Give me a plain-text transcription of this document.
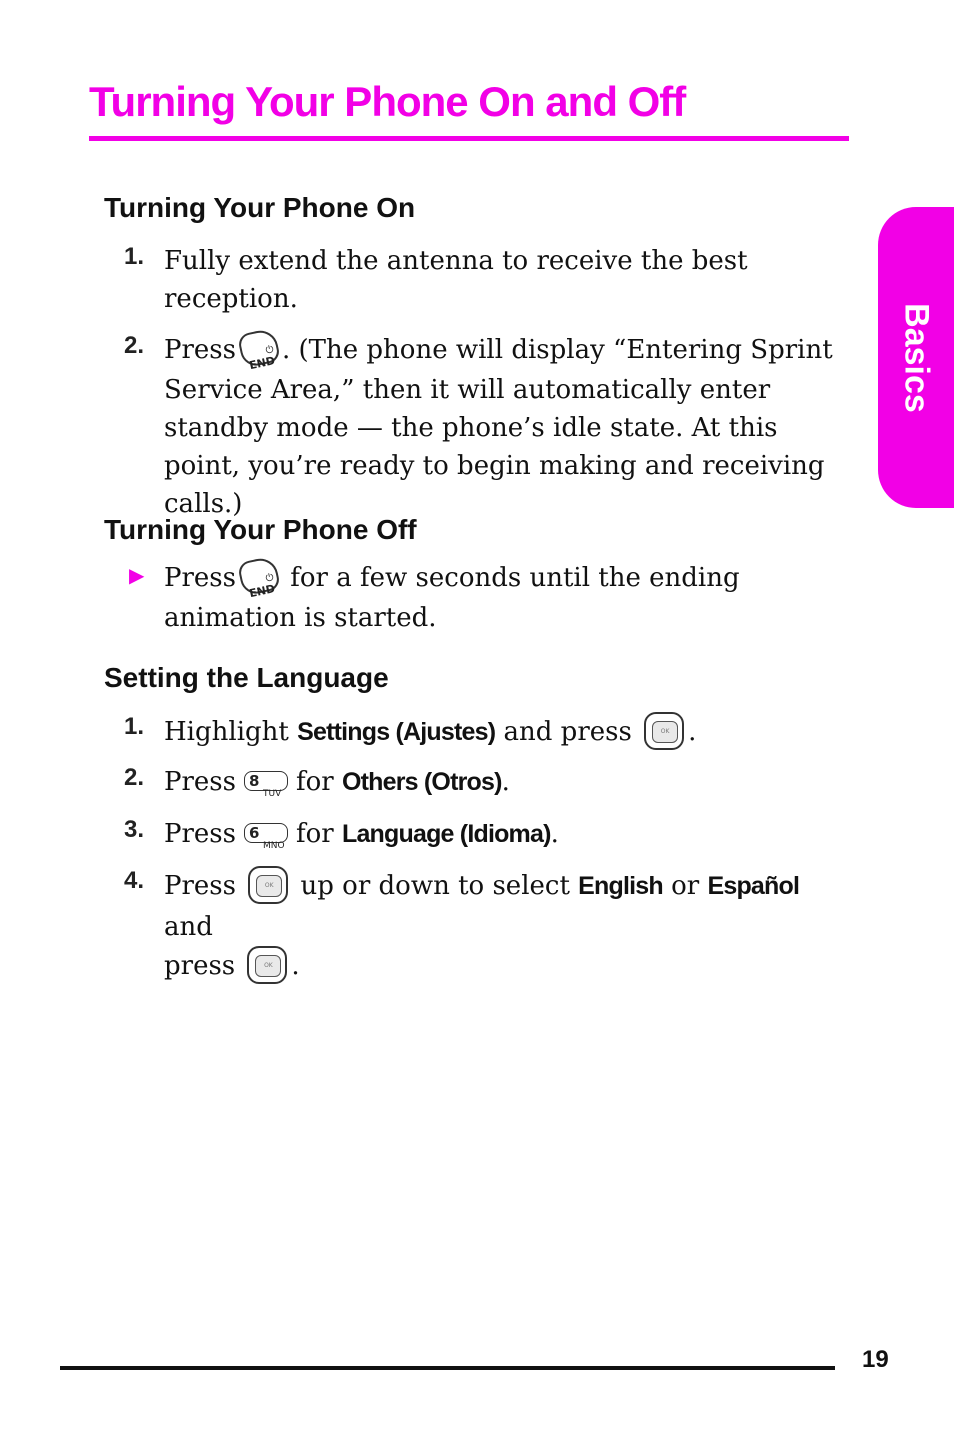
Turning Your Phone On and Off
Basics
Turning Your Phone On
1. Fully extend the antenna to receive the best reception.
2. Press END
⏻ . (The phone will display “Entering Sprint Service Area,” then it will automatically enter standby mode — the phone’s idle state. At this point, you’re ready to begin making and receiving calls.)
Turning Your Phone Off
▶ Press END
⏻ for a few seconds until the ending animation is started.
Setting the Language
1. Highlight Settings (Ajustes) and press	OK .
2. Press 8
TUV for Others (Otros).
3. Press 6
MNO for Language (Idioma).
4. Press	OK	up or down to select English or Español and
press	OK .
19
